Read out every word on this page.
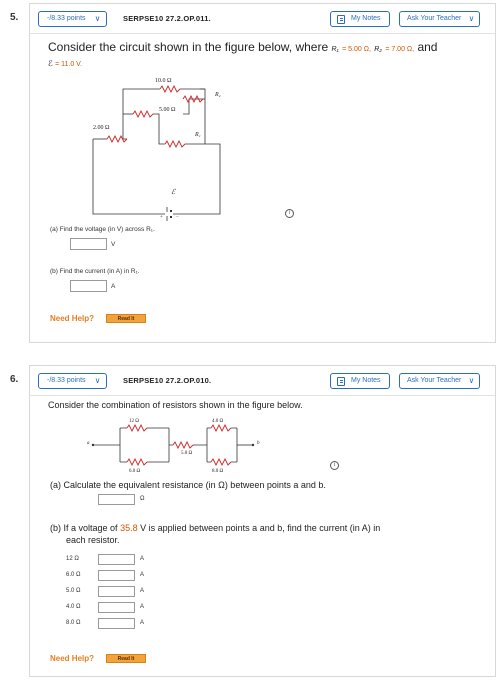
5.	-/8.33 points ∨	SERPSE10 27.2.OP.011.	My Notes	Ask Your Teacher ∨
Consider the circuit shown in the figure below, where R₁ = 5.00 Ω, R₂ = 7.00 Ω, and
ℰ = 11.0 V.
10.0 Ω
5.00 Ω
2.00 Ω
R₂
R₁
ℰ
+	−
i
(a) Find the voltage (in V) across R₁.
V
(b) Find the current (in A) in R₁.
A
Need Help?	Read It
6.	-/8.33 points ∨	SERPSE10 27.2.OP.010.	My Notes	Ask Your Teacher ∨
Consider the combination of resistors shown in the figure below.
12 Ω
6.0 Ω
5.0 Ω
4.0 Ω
8.0 Ω
a	b
i
(a) Calculate the equivalent resistance (in Ω) between points a and b.
Ω
(b) If a voltage of 35.8 V is applied between points a and b, find the current (in A) in
each resistor.
12 Ω	A
6.0 Ω	A
5.0 Ω	A
4.0 Ω	A
8.0 Ω	A
Need Help?	Read It
